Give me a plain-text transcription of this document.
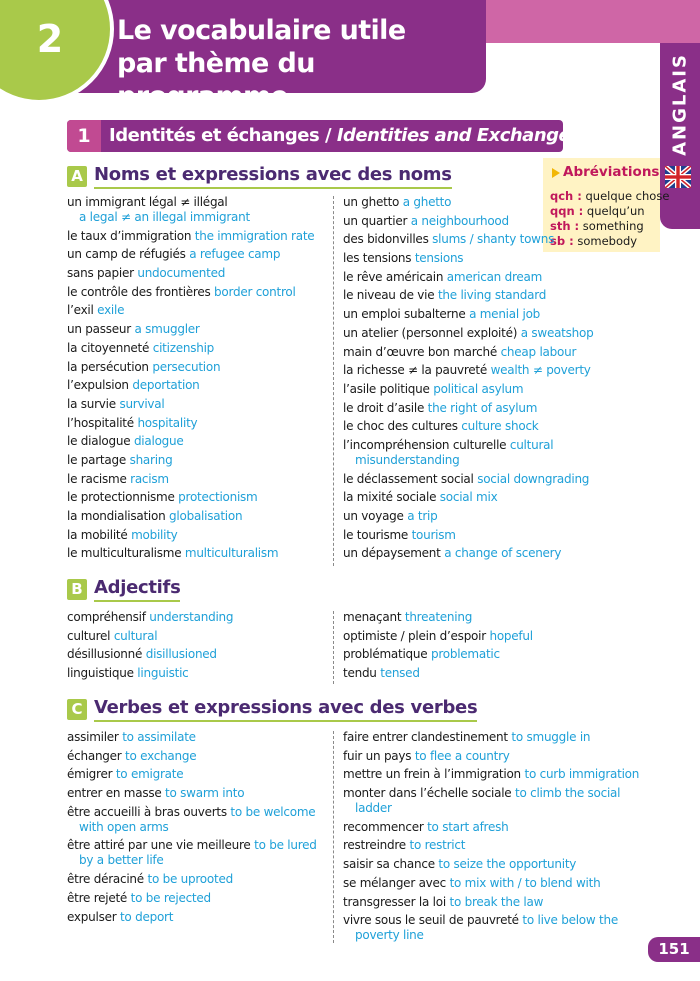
2 Le vocabulaire utile
par thème du programme	ANGLAIS
1	Identités et échanges / Identities and Exchanges
A Noms et expressions avec des noms	Abréviations
qch : quelque chose
qqn : quelqu’un
sth : something
sb : somebody
un immigrant légal ≠ illégal
a legal ≠ an illegal immigrant
le taux d’immigration the immigration rate
un camp de réfugiés a refugee camp
sans papier undocumented
le contrôle des frontières border control
l’exil exile
un passeur a smuggler
la citoyenneté citizenship
la persécution persecution
l’expulsion deportation
la survie survival
l’hospitalité hospitality
le dialogue dialogue
le partage sharing
le racisme racism
le protectionnisme protectionism
la mondialisation globalisation
la mobilité mobility
le multiculturalisme multiculturalism
un ghetto a ghetto
un quartier a neighbourhood
des bidonvilles slums / shanty towns
les tensions tensions
le rêve américain american dream
le niveau de vie the living standard
un emploi subalterne a menial job
un atelier (personnel exploité) a sweatshop
main d’œuvre bon marché cheap labour
la richesse ≠ la pauvreté wealth ≠ poverty
l’asile politique political asylum
le droit d’asile the right of asylum
le choc des cultures culture shock
l’incompréhension culturelle cultural
misunderstanding
le déclassement social social downgrading
la mixité sociale social mix
un voyage a trip
le tourisme tourism
un dépaysement a change of scenery
B Adjectifs
compréhensif understanding
culturel cultural
désillusionné disillusioned
linguistique linguistic
menaçant threatening
optimiste / plein d’espoir hopeful
problématique problematic
tendu tensed
C Verbes et expressions avec des verbes
assimiler to assimilate
échanger to exchange
émigrer to emigrate
entrer en masse to swarm into
être accueilli à bras ouverts to be welcome
with open arms
être attiré par une vie meilleure to be lured
by a better life
être déraciné to be uprooted
être rejeté to be rejected
expulser to deport
faire entrer clandestinement to smuggle in
fuir un pays to flee a country
mettre un frein à l’immigration to curb immigration
monter dans l’échelle sociale to climb the social
ladder
recommencer to start afresh
restreindre to restrict
saisir sa chance to seize the opportunity
se mélanger avec to mix with / to blend with
transgresser la loi to break the law
vivre sous le seuil de pauvreté to live below the
poverty line
151
